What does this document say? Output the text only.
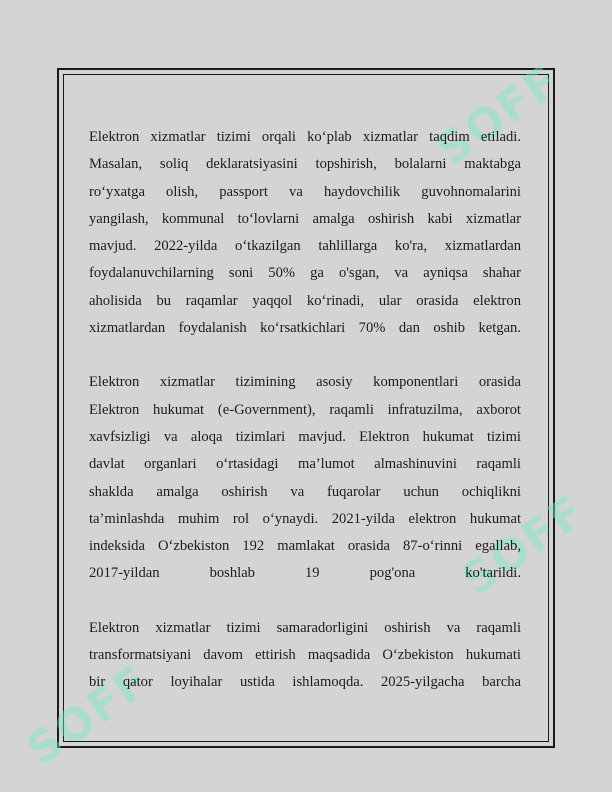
SOFF
SOFF
SOFF

Elektron xizmatlar tizimi orqali ko‘plab xizmatlar taqdim etiladi.
Masalan, soliq deklaratsiyasini topshirish, bolalarni maktabga
ro‘yxatga olish, passport va haydovchilik guvohnomalarini
yangilash, kommunal to‘lovlarni amalga oshirish kabi xizmatlar
mavjud. 2022-yilda o‘tkazilgan tahlillarga ko'ra, xizmatlardan
foydalanuvchilarning soni 50% ga o'sgan, va ayniqsa shahar
aholisida bu raqamlar yaqqol ko‘rinadi, ular orasida elektron
xizmatlardan foydalanish ko‘rsatkichlari 70% dan oshib ketgan.

Elektron xizmatlar tizimining asosiy komponentlari orasida
Elektron hukumat (e-Government), raqamli infratuzilma, axborot
xavfsizligi va aloqa tizimlari mavjud. Elektron hukumat tizimi
davlat organlari o‘rtasidagi ma’lumot almashinuvini raqamli
shaklda amalga oshirish va fuqarolar uchun ochiqlikni
ta’minlashda muhim rol o‘ynaydi. 2021-yilda elektron hukumat
indeksida O‘zbekiston 192 mamlakat orasida 87-o‘rinni egallab,
2017-yildan boshlab 19 pog'ona ko'tarildi.

Elektron xizmatlar tizimi samaradorligini oshirish va raqamli
transformatsiyani davom ettirish maqsadida O‘zbekiston hukumati
bir qator loyihalar ustida ishlamoqda. 2025-yilgacha barcha
